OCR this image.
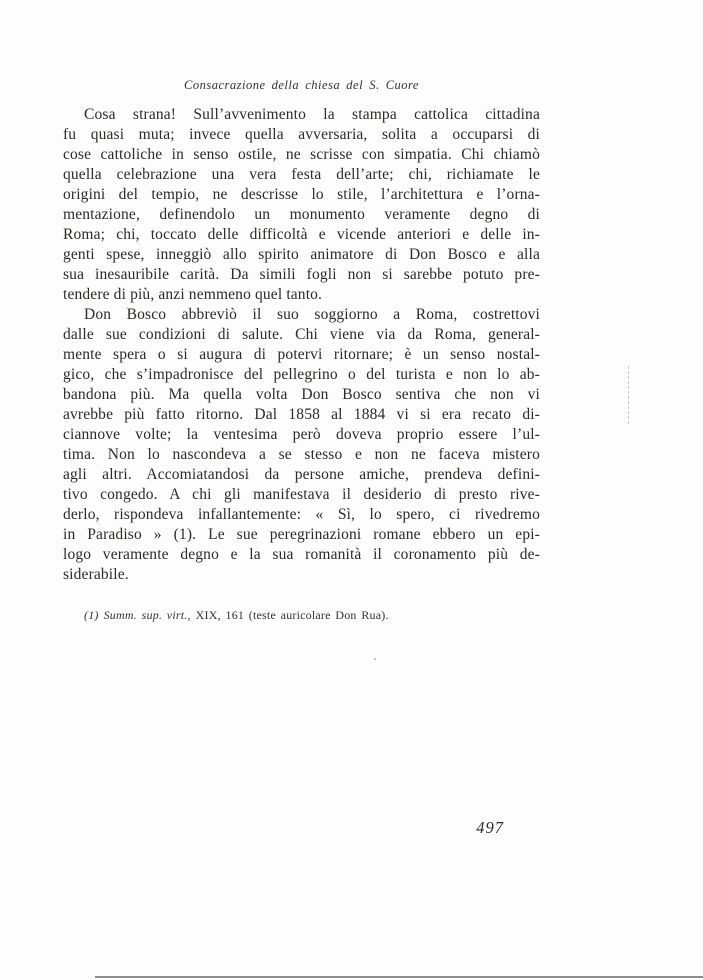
Consacrazione della chiesa del S. Cuore
Cosa strana! Sull’avvenimento la stampa cattolica cittadina
fu quasi muta; invece quella avversaria, solita a occuparsi di
cose cattoliche in senso ostile, ne scrisse con simpatia. Chi chiamò
quella celebrazione una vera festa dell’arte; chi, richiamate le
origini del tempio, ne descrisse lo stile, l’architettura e l’orna-
mentazione, definendolo un monumento veramente degno di
Roma; chi, toccato delle difficoltà e vicende anteriori e delle in-
genti spese, inneggiò allo spirito animatore di Don Bosco e alla
sua inesauribile carità. Da simili fogli non si sarebbe potuto pre-
tendere di più, anzi nemmeno quel tanto.
Don Bosco abbreviò il suo soggiorno a Roma, costrettovi
dalle sue condizioni di salute. Chi viene via da Roma, general-
mente spera o si augura di potervi ritornare; è un senso nostal-
gico, che s’impadronisce del pellegrino o del turista e non lo ab-
bandona più. Ma quella volta Don Bosco sentiva che non vi
avrebbe più fatto ritorno. Dal 1858 al 1884 vi si era recato di-
ciannove volte; la ventesima però doveva proprio essere l’ul-
tima. Non lo nascondeva a se stesso e non ne faceva mistero
agli altri. Accomiatandosi da persone amiche, prendeva defini-
tivo congedo. A chi gli manifestava il desiderio di presto rive-
derlo, rispondeva infallantemente: « Sì, lo spero, ci rivedremo
in Paradiso » (1). Le sue peregrinazioni romane ebbero un epi-
logo veramente degno e la sua romanità il coronamento più de-
siderabile.
(1) Summ. sup. virt., XIX, 161 (teste auricolare Don Rua).
497
